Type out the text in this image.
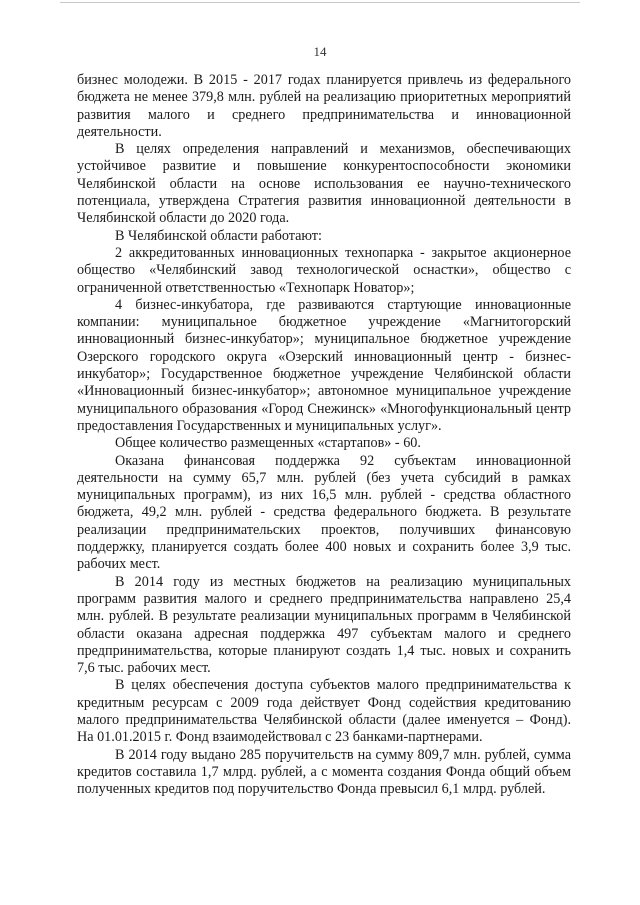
14

бизнес молодежи. В 2015 - 2017 годах планируется привлечь из федерального бюджета не менее 379,8 млн. рублей на реализацию приоритетных мероприятий развития малого и среднего предпринимательства и инновационной деятельности.

В целях определения направлений и механизмов, обеспечивающих устойчивое развитие и повышение конкурентоспособности экономики Челябинской области на основе использования ее научно-технического потенциала, утверждена Стратегия развития инновационной деятельности в Челябинской области до 2020 года.

В Челябинской области работают:

2 аккредитованных инновационных технопарка - закрытое акционерное общество «Челябинский завод технологической оснастки», общество с ограниченной ответственностью «Технопарк Новатор»;

4 бизнес-инкубатора, где развиваются стартующие инновационные компании: муниципальное бюджетное учреждение «Магнитогорский инновационный бизнес-инкубатор»; муниципальное бюджетное учреждение Озерского городского округа «Озерский инновационный центр - бизнес-инкубатор»; Государственное бюджетное учреждение Челябинской области «Инновационный бизнес-инкубатор»; автономное муниципальное учреждение муниципального образования «Город Снежинск» «Многофункциональный центр предоставления Государственных и муниципальных услуг».

Общее количество размещенных «стартапов» - 60.

Оказана финансовая поддержка 92 субъектам инновационной деятельности на сумму 65,7 млн. рублей (без учета субсидий в рамках муниципальных программ), из них 16,5 млн. рублей - средства областного бюджета, 49,2 млн. рублей - средства федерального бюджета. В результате реализации предпринимательских проектов, получивших финансовую поддержку, планируется создать более 400 новых и сохранить более 3,9 тыс. рабочих мест.

В 2014 году из местных бюджетов на реализацию муниципальных программ развития малого и среднего предпринимательства направлено 25,4 млн. рублей. В результате реализации муниципальных программ в Челябинской области оказана адресная поддержка 497 субъектам малого и среднего предпринимательства, которые планируют создать 1,4 тыс. новых и сохранить 7,6 тыс. рабочих мест.

В целях обеспечения доступа субъектов малого предпринимательства к кредитным ресурсам с 2009 года действует Фонд содействия кредитованию малого предпринимательства Челябинской области (далее именуется – Фонд). На 01.01.2015 г. Фонд взаимодействовал с 23 банками-партнерами.

В 2014 году выдано 285 поручительств на сумму 809,7 млн. рублей, сумма кредитов составила 1,7 млрд. рублей, а с момента создания Фонда общий объем полученных кредитов под поручительство Фонда превысил 6,1 млрд. рублей.
